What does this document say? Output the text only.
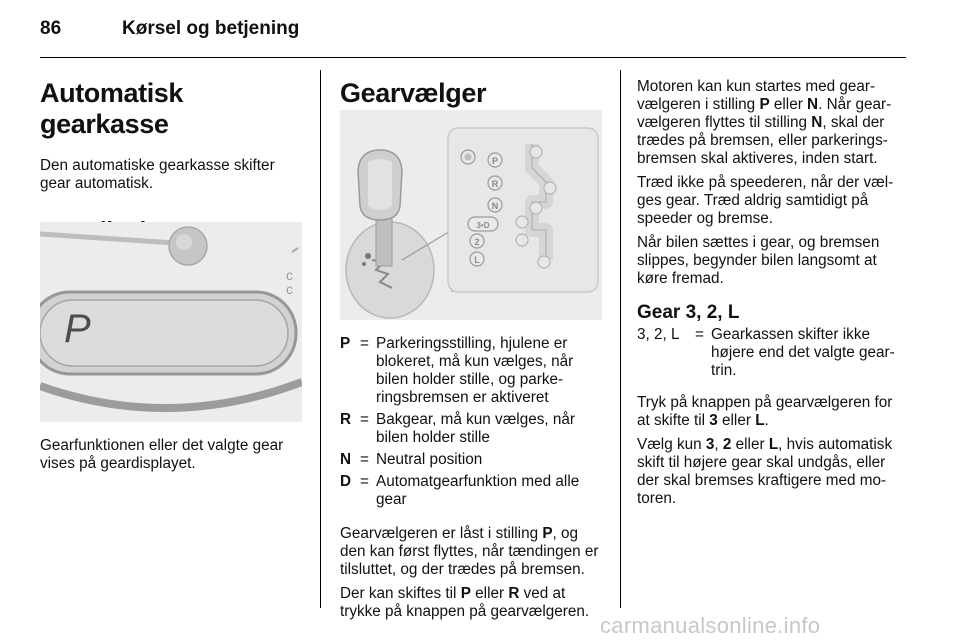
86	Kørsel og betjening
Automatisk gearkasse

Den automatiske gearkasse skifter gear automatisk.

c
c
P

Gearfunktionen eller det valgte gear vises på geardisplayet.

Gearvælger
P
R
N
3•D
2
L
P	=	Parkeringsstilling, hjulene er blokeret, må kun vælges, når bilen holder stille, og parke-ringsbremsen er aktiveret
R	=	Bakgear, må kun vælges, når bilen holder stille
N	=	Neutral position
D	=	Automatgearfunktion med alle gear

Gearvælgeren er låst i stilling P, og den kan først flyttes, når tændingen er tilsluttet, og der trædes på bremsen.

Der kan skiftes til P eller R ved at trykke på knappen på gearvælgeren.

Motoren kan kun startes med gear-vælgeren i stilling P eller N. Når gear-vælgeren flyttes til stilling N, skal der trædes på bremsen, eller parkerings-bremsen skal aktiveres, inden start.

Træd ikke på speederen, når der væl-ges gear. Træd aldrig samtidigt på speeder og bremse.

Når bilen sættes i gear, og bremsen slippes, begynder bilen langsomt at køre fremad.

Gear 3, 2, L
3, 2, L	=	Gearkassen skifter ikke højere end det valgte gear-trin.

Tryk på knappen på gearvælgeren for at skifte til 3 eller L.

Vælg kun 3, 2 eller L, hvis automatisk skift til højere gear skal undgås, eller der skal bremses kraftigere med mo-toren.

carmanualsonline.info
